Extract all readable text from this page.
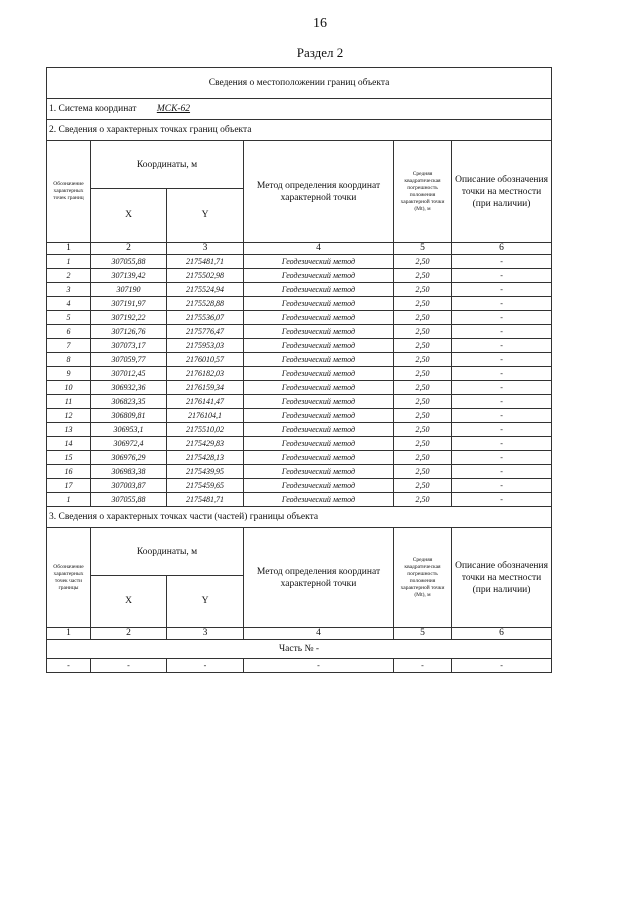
16
Раздел 2
Сведения о местоположении границ объекта					
1. Система координат МСК-62					
2. Сведения о характерных точках границ объекта					
Обозначение характерных точек границ	Координаты, м		Метод определения координат характерной точки	Средняя квадратическая погрешность положения характерной точки (Mt), м	Описание обозначения точки на местности (при наличии)
	X	Y			
1	2	3	4	5	6
1	307055,88	2175481,71	Геодезический метод	2,50	-
2	307139,42	2175502,98	Геодезический метод	2,50	-
3	307190	2175524,94	Геодезический метод	2,50	-
4	307191,97	2175528,88	Геодезический метод	2,50	-
5	307192,22	2175536,07	Геодезический метод	2,50	-
6	307126,76	2175776,47	Геодезический метод	2,50	-
7	307073,17	2175953,03	Геодезический метод	2,50	-
8	307059,77	2176010,57	Геодезический метод	2,50	-
9	307012,45	2176182,03	Геодезический метод	2,50	-
10	306932,36	2176159,34	Геодезический метод	2,50	-
11	306823,35	2176141,47	Геодезический метод	2,50	-
12	306809,81	2176104,1	Геодезический метод	2,50	-
13	306953,1	2175510,02	Геодезический метод	2,50	-
14	306972,4	2175429,83	Геодезический метод	2,50	-
15	306976,29	2175428,13	Геодезический метод	2,50	-
16	306983,38	2175439,95	Геодезический метод	2,50	-
17	307003,87	2175459,65	Геодезический метод	2,50	-
1	307055,88	2175481,71	Геодезический метод	2,50	-
3. Сведения о характерных точках части (частей) границы объекта					
Обозначение характерных точек части границы	Координаты, м		Метод определения координат характерной точки	Средняя квадратическая погрешность положения характерной точки (Mt), м	Описание обозначения точки на местности (при наличии)
	X	Y			
1	2	3	4	5	6
Часть № -					
-	-	-	-	-	-
